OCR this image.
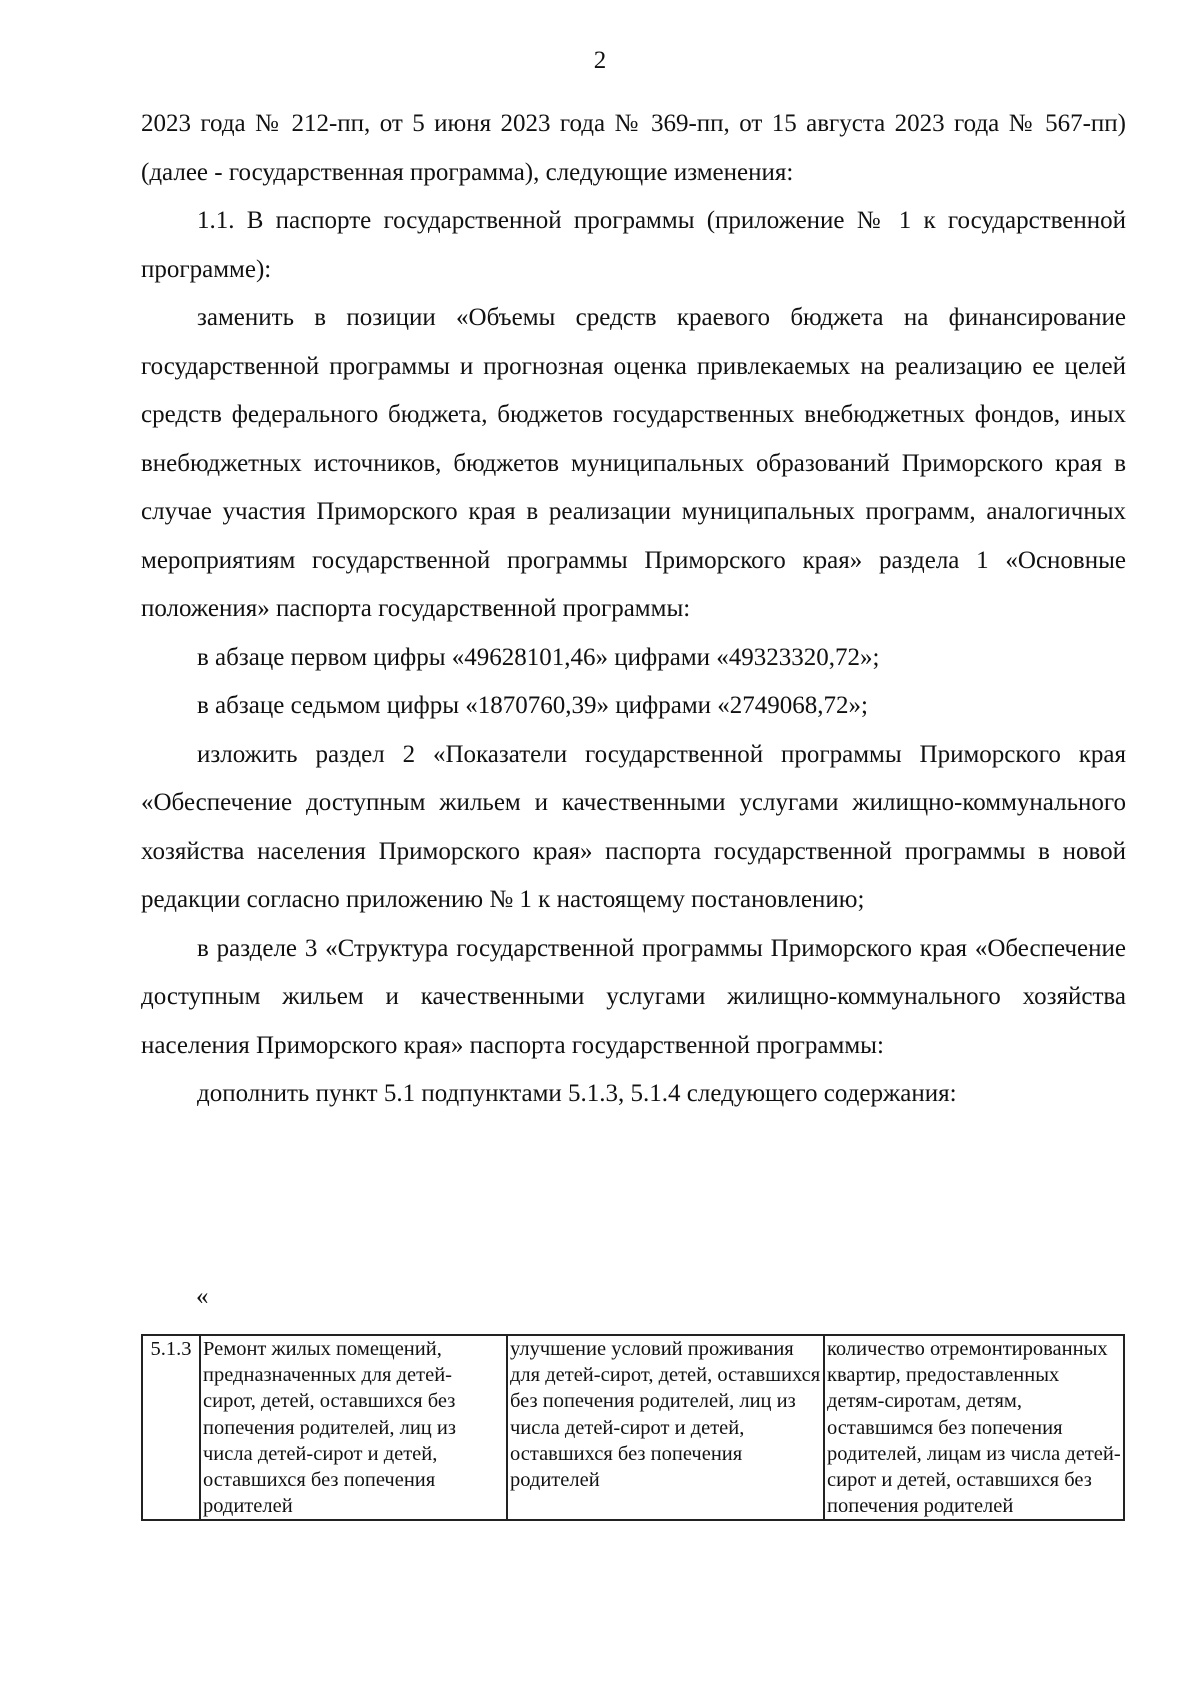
2

2023 года № 212-пп, от 5 июня 2023 года № 369-пп, от 15 августа 2023 года № 567-пп) (далее - государственная программа), следующие изменения:

1.1. В паспорте государственной программы (приложение № 1 к государственной программе):

заменить в позиции «Объемы средств краевого бюджета на финансирование государственной программы и прогнозная оценка привлекаемых на реализацию ее целей средств федерального бюджета, бюджетов государственных внебюджетных фондов, иных внебюджетных источников, бюджетов муниципальных образований Приморского края в случае участия Приморского края в реализации муниципальных программ, аналогичных мероприятиям государственной программы Приморского края» раздела 1 «Основные положения» паспорта государственной программы:

в абзаце первом цифры «49628101,46» цифрами «49323320,72»;

в абзаце седьмом цифры «1870760,39» цифрами «2749068,72»;

изложить раздел 2 «Показатели государственной программы Приморского края «Обеспечение доступным жильем и качественными услугами жилищно-коммунального хозяйства населения Приморского края» паспорта государственной программы в новой редакции согласно приложению № 1 к настоящему постановлению;

в разделе 3 «Структура государственной программы Приморского края «Обеспечение доступным жильем и качественными услугами жилищно-коммунального хозяйства населения Приморского края» паспорта государственной программы:

дополнить пункт 5.1 подпунктами 5.1.3, 5.1.4 следующего содержания:

«
5.1.3	Ремонт жилых помещений, предназначенных для детей-сирот, детей, оставшихся без попечения родителей, лиц из числа детей-сирот и детей, оставшихся без попечения родителей	улучшение условий проживания для детей-сирот, детей, оставшихся без попечения родителей, лиц из числа детей-сирот и детей, оставшихся без попечения родителей	количество отремонтированных квартир, предоставленных детям-сиротам, детям, оставшимся без попечения родителей, лицам из числа детей-сирот и детей, оставшихся без попечения родителей
